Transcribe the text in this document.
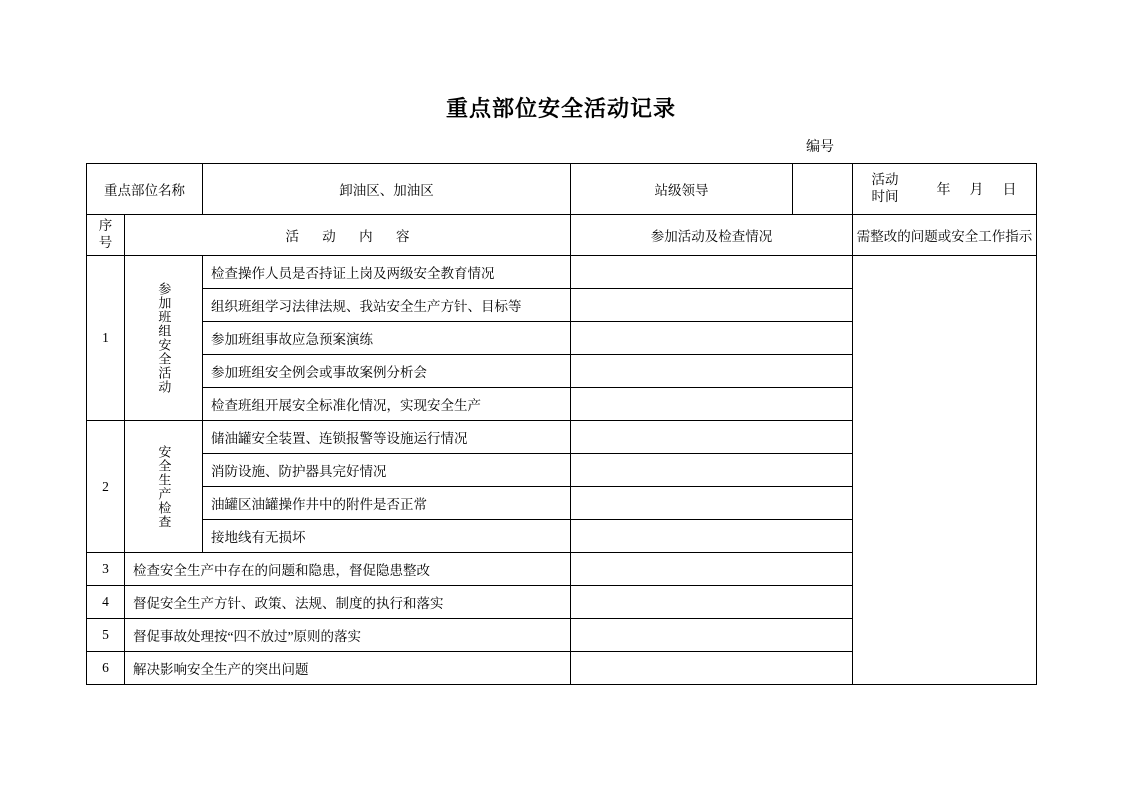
重点部位安全活动记录
编号
重点部位名称		卸油区、加油区	站级领导		活动
时间 年 月 日

序
号	活 动 内 容		参加活动及检查情况		需整改的问题或安全工作指示
1	参加班组安全活动	检查操作人员是否持证上岗及两级安全教育情况			
		组织班组学习法律法规、我站安全生产方针、目标等			
		参加班组事故应急预案演练			
		参加班组安全例会或事故案例分析会			
		检查班组开展安全标准化情况，实现安全生产			
2	安全生产检查	储油罐安全装置、连锁报警等设施运行情况			
		消防设施、防护器具完好情况			
		油罐区油罐操作井中的附件是否正常			
		接地线有无损坏			
3	检查安全生产中存在的问题和隐患，督促隐患整改				
4	督促安全生产方针、政策、法规、制度的执行和落实				
5	督促事故处理按“四不放过”原则的落实				
6	解决影响安全生产的突出问题				
